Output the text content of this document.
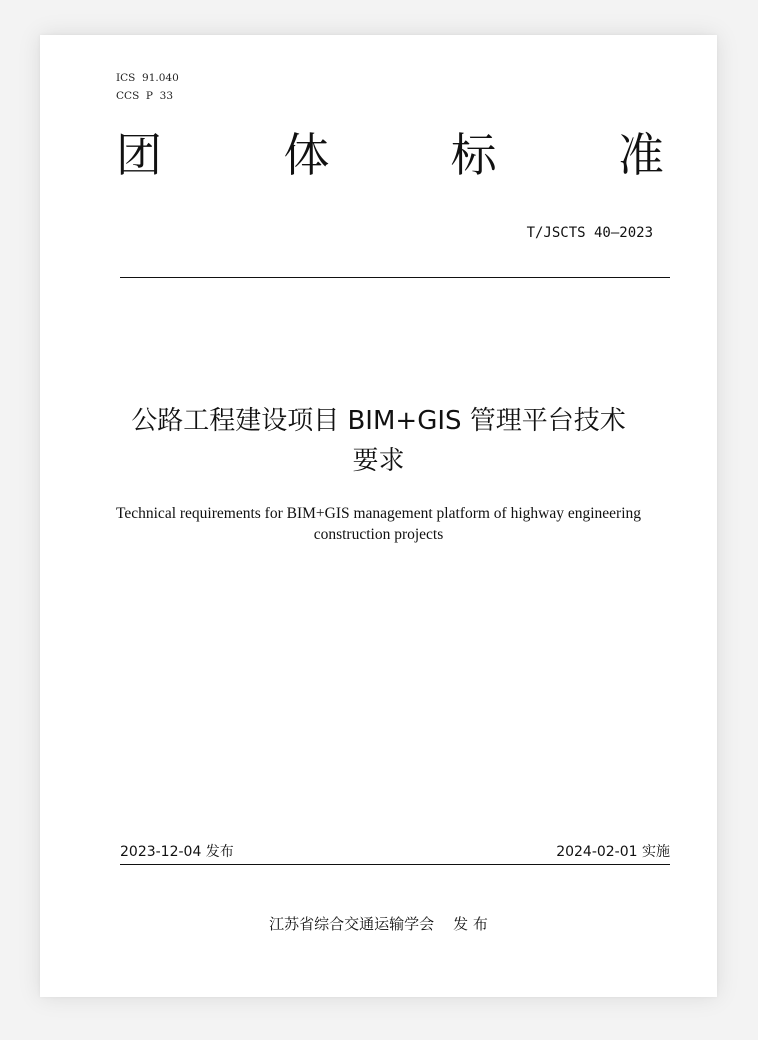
ICS  91.040
CCS  P  33
团	体	标	准
T/JSCTS 40—2023
公路工程建设项目 BIM+GIS 管理平台技术
要求
Technical requirements for BIM+GIS management platform of highway engineering
construction projects
2023-12-04 发布	2024-02-01 实施
江苏省综合交通运输学会    发 布
